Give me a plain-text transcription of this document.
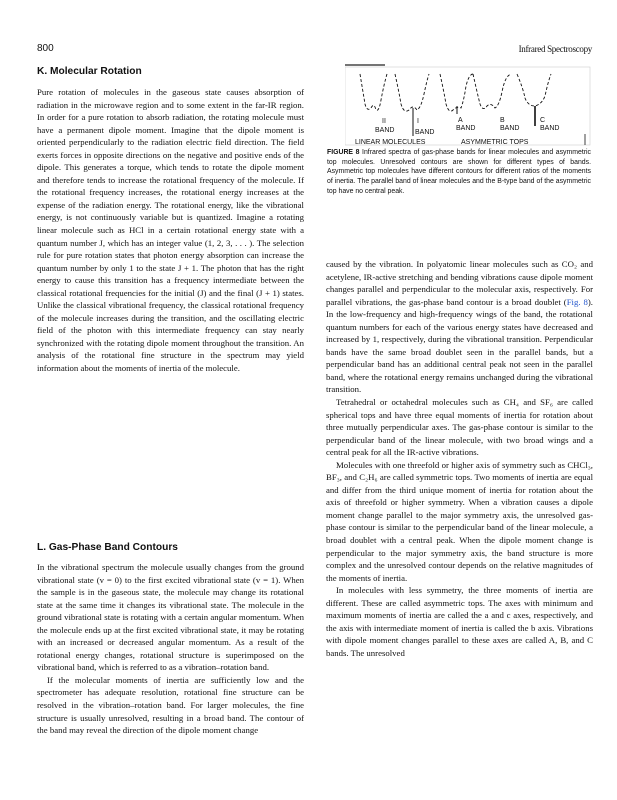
800	Infrared Spectroscopy
K. Molecular Rotation

Pure rotation of molecules in the gaseous state causes absorption of radiation in the microwave region and to some extent in the far-IR region. In order for a pure rotation to absorb radiation, the rotating molecule must have a permanent dipole moment. Imagine that the dipole moment is oriented perpendicularly to the radiation electric field direction. The field exerts forces in opposite directions on the negative and positive ends of the dipole. This generates a torque, which tends to rotate the dipole moment and therefore tends to increase the rotational frequency of the molecule. If the rotational frequency increases, the rotational energy increases at the expense of the radiation energy. The rotational energy, like the vibrational energy, is not continuously variable but is quantized. Imagine a rotating linear molecule such as HCl in a certain rotational energy state with a quantum number J, which has an integer value (1, 2, 3, . . . ). The selection rule for pure rotation states that photon energy absorption can increase the quantum number by only 1 to the state J + 1. The photon that has the right energy to cause this transition has a frequency intermediate between the classical rotational frequencies for the initial (J) and the final (J + 1) states. Unlike the classical vibrational frequency, the classical rotational frequency of the molecule increases during the transition, and the oscillating electric field of the photon with this intermediate frequency can stay nearly synchronized with the rotating dipole moment throughout the transition. An analysis of the rotational fine structure in the spectrum may yield information about the moments of inertia of the molecule.

L. Gas-Phase Band Contours

In the vibrational spectrum the molecule usually changes from the ground vibrational state (v = 0) to the first excited vibrational state (v = 1). When the sample is in the gaseous state, the molecule may change its rotational state at the same time it changes its vibrational state. The molecule in the ground vibrational state is rotating with a certain angular momentum. When the molecule ends up at the first excited vibrational state, it may be rotating with an increased or decreased angular momentum. As a result of the rotational energy changes, rotational structure is superimposed on the vibrational band, which is referred to as a vibration–rotation band.

If the molecular moments of inertia are sufficiently low and the spectrometer has adequate resolution, rotational fine structure can be resolved in the vibration–rotation band. For larger molecules, the fine structure is usually unresolved, resulting in a broad band. The contour of the band may reveal the direction of the dipole moment change

II
BAND
I
BAND
A
BAND
B
BAND
C
BAND
LINEAR MOLECULES	ASYMMETRIC TOPS
FIGURE 8 Infrared spectra of gas-phase bands for linear molecules and asymmetric top molecules. Unresolved contours are shown for different types of bands. Asymmetric top molecules have different contours for different ratios of the moments of inertia. The parallel band of linear molecules and the B-type band of the asymmetric top have no central peak.

caused by the vibration. In polyatomic linear molecules such as CO₂ and acetylene, IR-active stretching and bending vibrations cause dipole moment changes parallel and perpendicular to the molecular axis, respectively. For parallel vibrations, the gas-phase band contour is a broad doublet (Fig. 8). In the low-frequency and high-frequency wings of the band, the rotational quantum numbers for each of the various energy states have decreased and increased by 1, respectively, during the vibrational transition. Perpendicular bands have the same broad doublet seen in the parallel bands, but a perpendicular band has an additional central peak not seen in the parallel band, where the rotational energy remains unchanged during the vibrational transition.

Tetrahedral or octahedral molecules such as CH₄ and SF₆ are called spherical tops and have three equal moments of inertia for rotation about three mutually perpendicular axes. The gas-phase contour is similar to the perpendicular band of the linear molecule, with two broad wings and a central peak for all the IR-active vibrations.

Molecules with one threefold or higher axis of symmetry such as CHCl₃, BF₃, and C₂H₆ are called symmetric tops. Two moments of inertia are equal and differ from the third unique moment of inertia for rotation about the axis of threefold or higher symmetry. When a vibration causes a dipole moment change parallel to the major symmetry axis, the unresolved gas-phase contour is similar to the perpendicular band of the linear molecule, a broad doublet with a central peak. When the dipole moment change is perpendicular to the major symmetry axis, the band structure is more complex and the unresolved contour depends on the relative magnitudes of the moments of inertia.

In molecules with less symmetry, the three moments of inertia are different. These are called asymmetric tops. The axes with minimum and maximum moments of inertia are called the a and c axes, respectively, and the axis with intermediate moment of inertia is called the b axis. Vibrations with dipole moment changes parallel to these axes are called A, B, and C bands. The unresolved
